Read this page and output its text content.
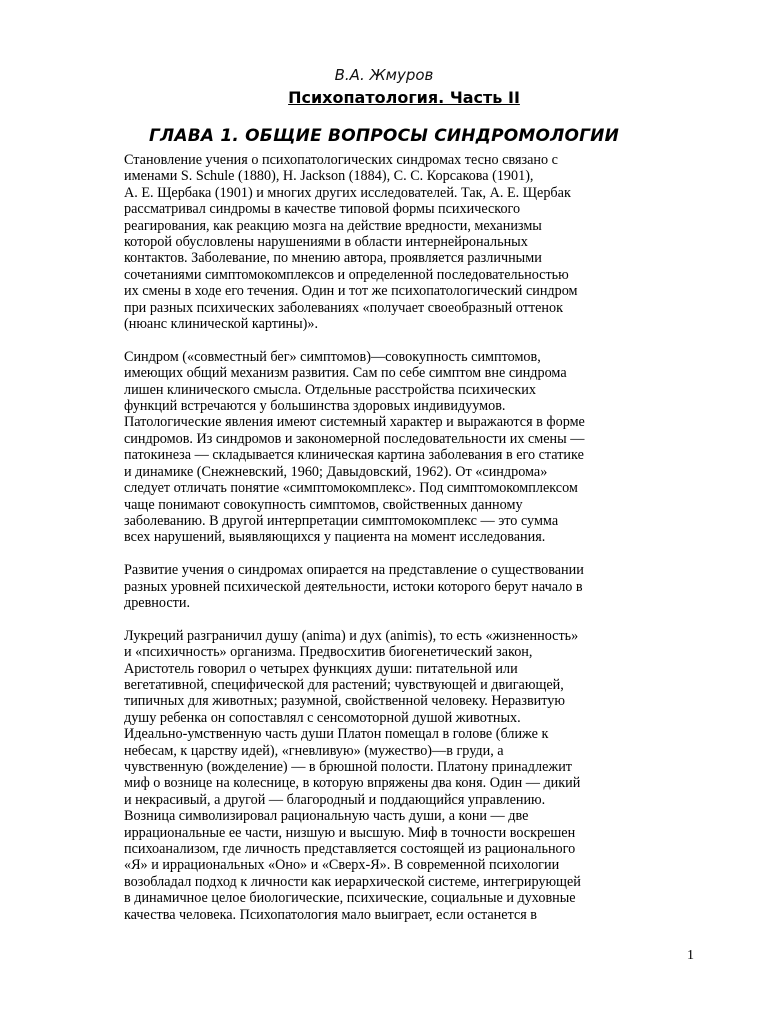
В.А. Жмуров
Психопатология. Часть II
ГЛАВА 1. ОБЩИЕ ВОПРОСЫ СИНДРОМОЛОГИИ
Становление учения о психопатологических синдромах тесно связано с
именами S. Schule (1880), H. Jackson (1884), С. С. Корсакова (1901),
А. Е. Щербака (1901) и многих других исследователей. Так, А. Е. Щербак
рассматривал синдромы в качестве типовой формы психического
реагирования, как реакцию мозга на действие вредности, механизмы
которой обусловлены нарушениями в области интернейрональных
контактов. Заболевание, по мнению автора, проявляется различными
сочетаниями симптомокомплексов и определенной последовательностью
их смены в ходе его течения. Один и тот же психопатологический синдром
при разных психических заболеваниях «получает своеобразный оттенок
(нюанс клинической картины)».
Синдром («совместный бег» симптомов)—совокупность симптомов,
имеющих общий механизм развития. Сам по себе симптом вне синдрома
лишен клинического смысла. Отдельные расстройства психических
функций встречаются у большинства здоровых индивидуумов.
Патологические явления имеют системный характер и выражаются в форме
синдромов. Из синдромов и закономерной последовательности их смены —
патокинеза — складывается клиническая картина заболевания в его статике
и динамике (Снежневский, 1960; Давыдовский, 1962). От «синдрома»
следует отличать понятие «симптомокомплекс». Под симптомокомплексом
чаще понимают совокупность симптомов, свойственных данному
заболеванию. В другой интерпретации симптомокомплекс — это сумма
всех нарушений, выявляющихся у пациента на момент исследования.
Развитие учения о синдромах опирается на представление о существовании
разных уровней психической деятельности, истоки которого берут начало в
древности.
Лукреций разграничил душу (anima) и дух (animis), то есть «жизненность»
и «психичность» организма. Предвосхитив биогенетический закон,
Аристотель говорил о четырех функциях души: питательной или
вегетативной, специфической для растений; чувствующей и двигающей,
типичных для животных; разумной, свойственной человеку. Неразвитую
душу ребенка он сопоставлял с сенсомоторной душой животных.
Идеально-умственную часть души Платон помещал в голове (ближе к
небесам, к царству идей), «гневливую» (мужество)—в груди, а
чувственную (вожделение) — в брюшной полости. Платону принадлежит
миф о вознице на колеснице, в которую впряжены два коня. Один — дикий
и некрасивый, а другой — благородный и поддающийся управлению.
Возница символизировал рациональную часть души, а кони — две
иррациональные ее части, низшую и высшую. Миф в точности воскрешен
психоанализом, где личность представляется состоящей из рационального
«Я» и иррациональных «Оно» и «Сверх-Я». В современной психологии
возобладал подход к личности как иерархической системе, интегрирующей
в динамичное целое биологические, психические, социальные и духовные
качества человека. Психопатология мало выиграет, если останется в
1
